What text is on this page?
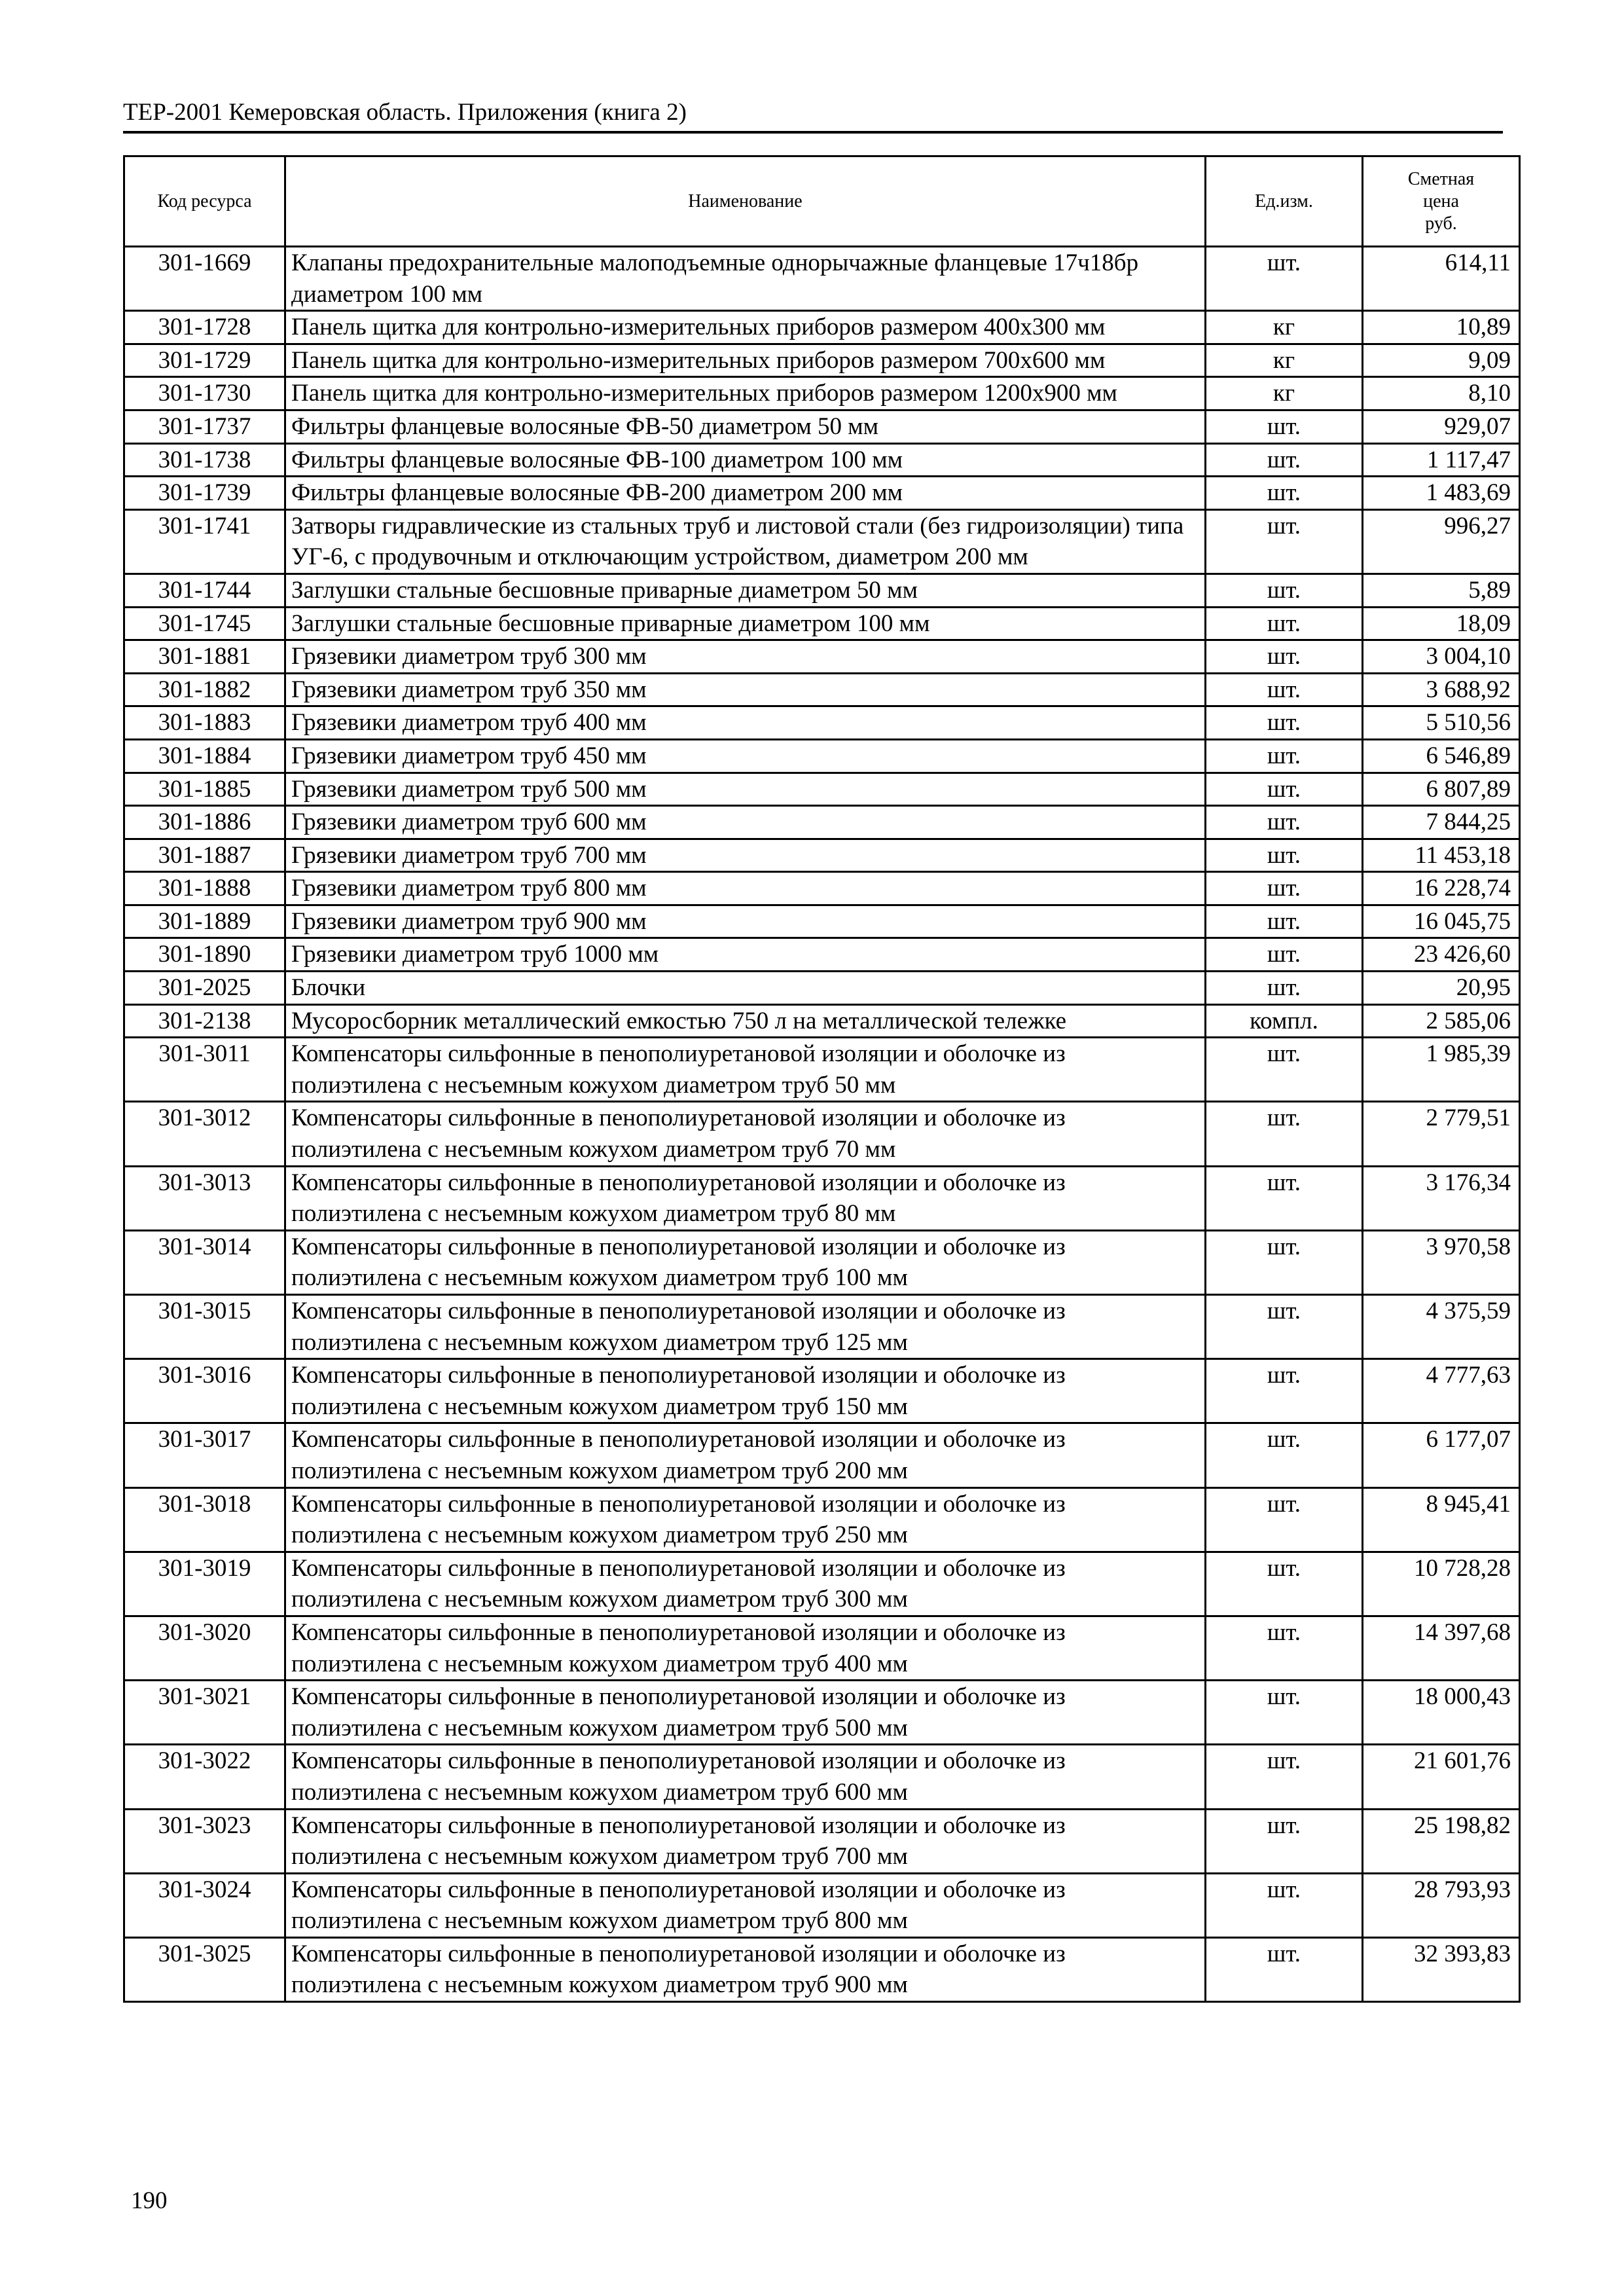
ТЕР-2001 Кемеровская область. Приложения (книга 2)
Код ресурса	Наименование	Ед.изм.	Сметная
цена
руб.
301-1669	Клапаны предохранительные малоподъемные однорычажные фланцевые 17ч18бр диаметром 100 мм	шт.	614,11
301-1728	Панель щитка для контрольно-измерительных приборов размером 400х300 мм	кг	10,89
301-1729	Панель щитка для контрольно-измерительных приборов размером 700х600 мм	кг	9,09
301-1730	Панель щитка для контрольно-измерительных приборов размером 1200х900 мм	кг	8,10
301-1737	Фильтры фланцевые волосяные ФВ-50 диаметром 50 мм	шт.	929,07
301-1738	Фильтры фланцевые волосяные ФВ-100 диаметром 100 мм	шт.	1 117,47
301-1739	Фильтры фланцевые волосяные ФВ-200 диаметром 200 мм	шт.	1 483,69
301-1741	Затворы гидравлические из стальных труб и листовой стали (без гидроизоляции) типа УГ-6, с продувочным и отключающим устройством, диаметром 200 мм	шт.	996,27
301-1744	Заглушки стальные бесшовные приварные диаметром 50 мм	шт.	5,89
301-1745	Заглушки стальные бесшовные приварные диаметром 100 мм	шт.	18,09
301-1881	Грязевики диаметром труб 300 мм	шт.	3 004,10
301-1882	Грязевики диаметром труб 350 мм	шт.	3 688,92
301-1883	Грязевики диаметром труб 400 мм	шт.	5 510,56
301-1884	Грязевики диаметром труб 450 мм	шт.	6 546,89
301-1885	Грязевики диаметром труб 500 мм	шт.	6 807,89
301-1886	Грязевики диаметром труб 600 мм	шт.	7 844,25
301-1887	Грязевики диаметром труб 700 мм	шт.	11 453,18
301-1888	Грязевики диаметром труб 800 мм	шт.	16 228,74
301-1889	Грязевики диаметром труб 900 мм	шт.	16 045,75
301-1890	Грязевики диаметром труб 1000 мм	шт.	23 426,60
301-2025	Блочки	шт.	20,95
301-2138	Мусоросборник металлический емкостью 750 л на металлической тележке	компл.	2 585,06
301-3011	Компенсаторы сильфонные в пенополиуретановой изоляции и оболочке из полиэтилена с несъемным кожухом диаметром труб 50 мм	шт.	1 985,39
301-3012	Компенсаторы сильфонные в пенополиуретановой изоляции и оболочке из полиэтилена с несъемным кожухом диаметром труб 70 мм	шт.	2 779,51
301-3013	Компенсаторы сильфонные в пенополиуретановой изоляции и оболочке из полиэтилена с несъемным кожухом диаметром труб 80 мм	шт.	3 176,34
301-3014	Компенсаторы сильфонные в пенополиуретановой изоляции и оболочке из полиэтилена с несъемным кожухом диаметром труб 100 мм	шт.	3 970,58
301-3015	Компенсаторы сильфонные в пенополиуретановой изоляции и оболочке из полиэтилена с несъемным кожухом диаметром труб 125 мм	шт.	4 375,59
301-3016	Компенсаторы сильфонные в пенополиуретановой изоляции и оболочке из полиэтилена с несъемным кожухом диаметром труб 150 мм	шт.	4 777,63
301-3017	Компенсаторы сильфонные в пенополиуретановой изоляции и оболочке из полиэтилена с несъемным кожухом диаметром труб 200 мм	шт.	6 177,07
301-3018	Компенсаторы сильфонные в пенополиуретановой изоляции и оболочке из полиэтилена с несъемным кожухом диаметром труб 250 мм	шт.	8 945,41
301-3019	Компенсаторы сильфонные в пенополиуретановой изоляции и оболочке из полиэтилена с несъемным кожухом диаметром труб 300 мм	шт.	10 728,28
301-3020	Компенсаторы сильфонные в пенополиуретановой изоляции и оболочке из полиэтилена с несъемным кожухом диаметром труб 400 мм	шт.	14 397,68
301-3021	Компенсаторы сильфонные в пенополиуретановой изоляции и оболочке из полиэтилена с несъемным кожухом диаметром труб 500 мм	шт.	18 000,43
301-3022	Компенсаторы сильфонные в пенополиуретановой изоляции и оболочке из полиэтилена с несъемным кожухом диаметром труб 600 мм	шт.	21 601,76
301-3023	Компенсаторы сильфонные в пенополиуретановой изоляции и оболочке из полиэтилена с несъемным кожухом диаметром труб 700 мм	шт.	25 198,82
301-3024	Компенсаторы сильфонные в пенополиуретановой изоляции и оболочке из полиэтилена с несъемным кожухом диаметром труб 800 мм	шт.	28 793,93
301-3025	Компенсаторы сильфонные в пенополиуретановой изоляции и оболочке из полиэтилена с несъемным кожухом диаметром труб 900 мм	шт.	32 393,83
190
